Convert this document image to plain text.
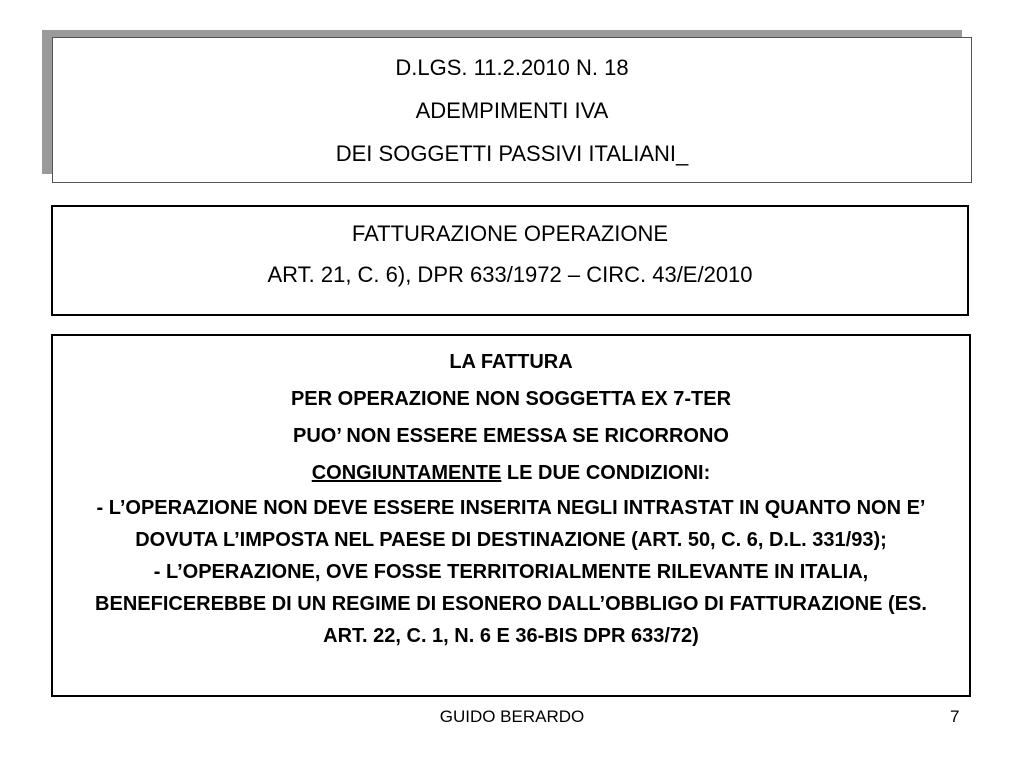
D.LGS. 11.2.2010 N. 18
ADEMPIMENTI IVA
DEI SOGGETTI PASSIVI ITALIANI_
FATTURAZIONE OPERAZIONE
ART. 21, C. 6), DPR 633/1972 – CIRC. 43/E/2010
LA FATTURA
PER OPERAZIONE NON SOGGETTA EX 7-TER
PUO’ NON ESSERE EMESSA SE RICORRONO
CONGIUNTAMENTE LE DUE CONDIZIONI:
- L’OPERAZIONE NON DEVE ESSERE INSERITA NEGLI INTRASTAT IN QUANTO NON E’ DOVUTA L’IMPOSTA NEL PAESE DI DESTINAZIONE (ART. 50, C. 6, D.L. 331/93);
- L’OPERAZIONE, OVE FOSSE TERRITORIALMENTE RILEVANTE IN ITALIA, BENEFICEREBBE DI UN REGIME DI ESONERO DALL’OBBLIGO DI FATTURAZIONE (ES. ART. 22, C. 1, N. 6 E 36-BIS DPR 633/72)
GUIDO BERARDO	7
